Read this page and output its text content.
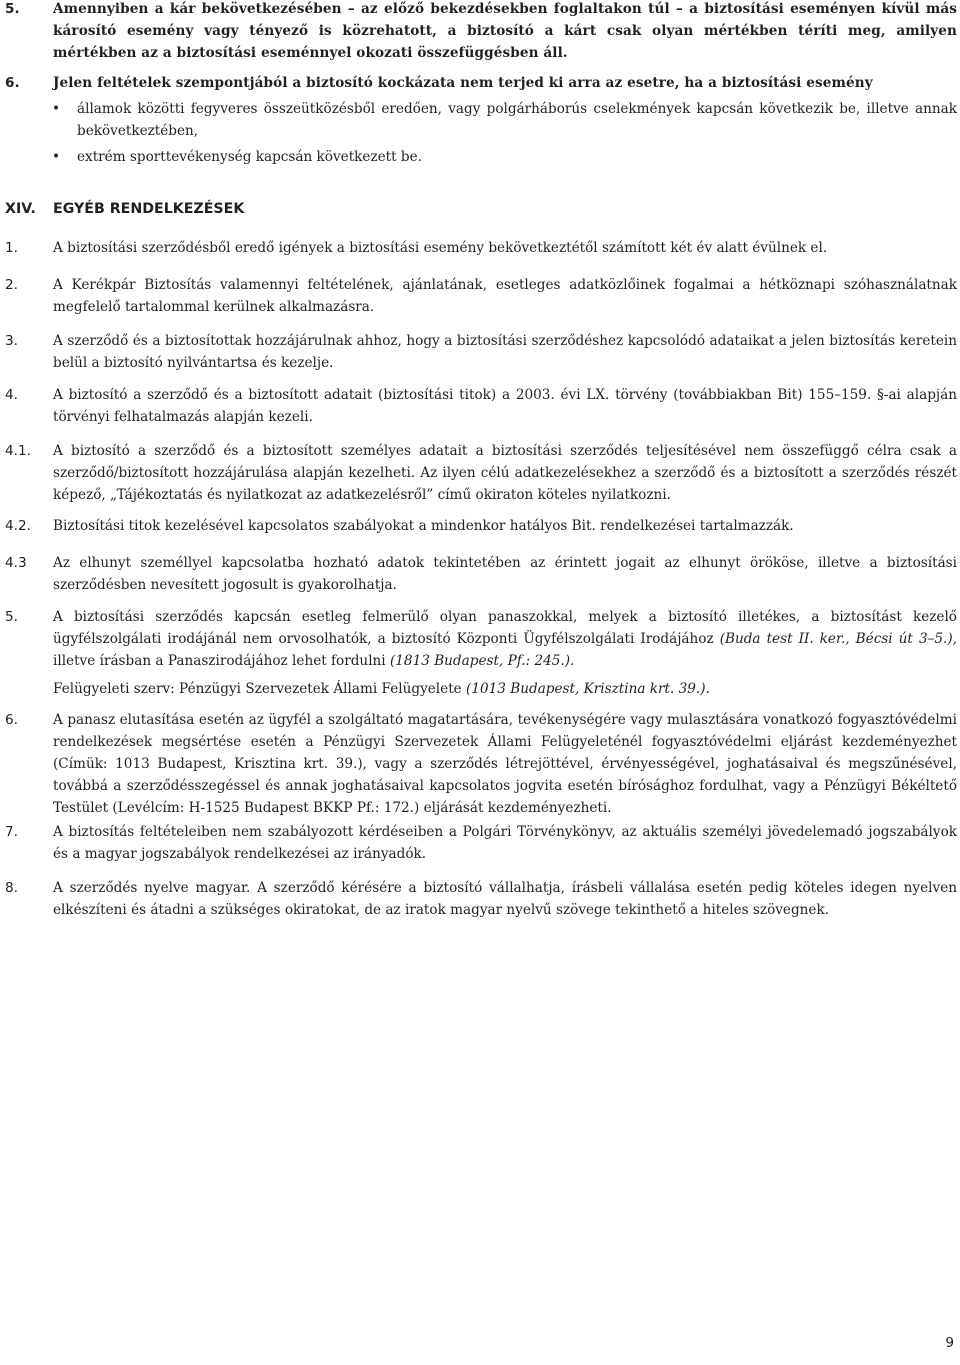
5. Amennyiben a kár bekövetkezésében – az előző bekezdésekben foglaltakon túl – a biztosítási eseményen kívül más károsító esemény vagy tényező is közrehatott, a biztosító a kárt csak olyan mértékben téríti meg, amilyen mértékben az a biztosítási eseménnyel okozati összefüggésben áll.
6. Jelen feltételek szempontjából a biztosító kockázata nem terjed ki arra az esetre, ha a biztosítási esemény
• államok közötti fegyveres összeütközésből eredően, vagy polgárháborús cselekmények kapcsán következik be, illetve annak bekövetkeztében,
• extrém sporttevékenység kapcsán következett be.
XIV. EGYÉB RENDELKEZÉSEK
1.	A biztosítási szerződésből eredő igények a biztosítási esemény bekövetkeztétől számított két év alatt évülnek el.
2.	A Kerékpár Biztosítás valamennyi feltételének, ajánlatának, esetleges adatközlőinek fogalmai a hétköznapi szóhasználatnak megfelelő tartalommal kerülnek alkalmazásra.
3.	A szerződő és a biztosítottak hozzájárulnak ahhoz, hogy a biztosítási szerződéshez kapcsolódó adataikat a jelen biztosítás keretein belül a biztosító nyilvántartsa és kezelje.
4.	A biztosító a szerződő és a biztosított adatait (biztosítási titok) a 2003. évi LX. törvény (továbbiakban Bit) 155–159. §-ai alapján törvényi felhatalmazás alapján kezeli.
4.1. A biztosító a szerződő és a biztosított személyes adatait a biztosítási szerződés teljesítésével nem összefüggő célra csak a szerződő/biztosított hozzájárulása alapján kezelheti. Az ilyen célú adatkezelésekhez a szerződő és a biztosított a szerződés részét képező, „Tájékoztatás és nyilatkozat az adatkezelésről” című okiraton köteles nyilatkozni.
4.2. Biztosítási titok kezelésével kapcsolatos szabályokat a mindenkor hatályos Bit. rendelkezései tartalmazzák.
4.3 Az elhunyt személlyel kapcsolatba hozható adatok tekintetében az érintett jogait az elhunyt örököse, illetve a biztosítási szerződésben nevesített jogosult is gyakorolhatja.
5.	A biztosítási szerződés kapcsán esetleg felmerülő olyan panaszokkal, melyek a biztosító illetékes, a biztosítást kezelő ügyfélszolgálati irodájánál nem orvosolhatók, a biztosító Központi Ügyfélszolgálati Irodájához (Buda test II. ker., Bécsi út 3–5.), illetve írásban a Panaszirodájához lehet fordulni (1813 Budapest, Pf.: 245.).
Felügyeleti szerv: Pénzügyi Szervezetek Állami Felügyelete (1013 Budapest, Krisztina krt. 39.).
6.	A panasz elutasítása esetén az ügyfél a szolgáltató magatartására, tevékenységére vagy mulasztására vonatkozó fogyasztóvédelmi rendelkezések megsértése esetén a Pénzügyi Szervezetek Állami Felügyeleténél fogyasztóvédelmi eljárást kezdeményezhet (Címük: 1013 Budapest, Krisztina krt. 39.), vagy a szerződés létrejöttével, érvényességével, joghatásaival és megszűnésével, továbbá a szerződésszegéssel és annak joghatásaival kapcsolatos jogvita esetén bírósághoz fordulhat, vagy a Pénzügyi Békéltető Testület (Levélcím: H-1525 Budapest BKKP Pf.: 172.) eljárását kezdeményezheti.
7.	A biztosítás feltételeiben nem szabályozott kérdéseiben a Polgári Törvénykönyv, az aktuális személyi jövedelemadó jogszabályok és a magyar jogszabályok rendelkezései az irányadók.
8.	A szerződés nyelve magyar. A szerződő kérésére a biztosító vállalhatja, írásbeli vállalása esetén pedig köteles idegen nyelven elkészíteni és átadni a szükséges okiratokat, de az iratok magyar nyelvű szövege tekinthető a hiteles szövegnek.
9
